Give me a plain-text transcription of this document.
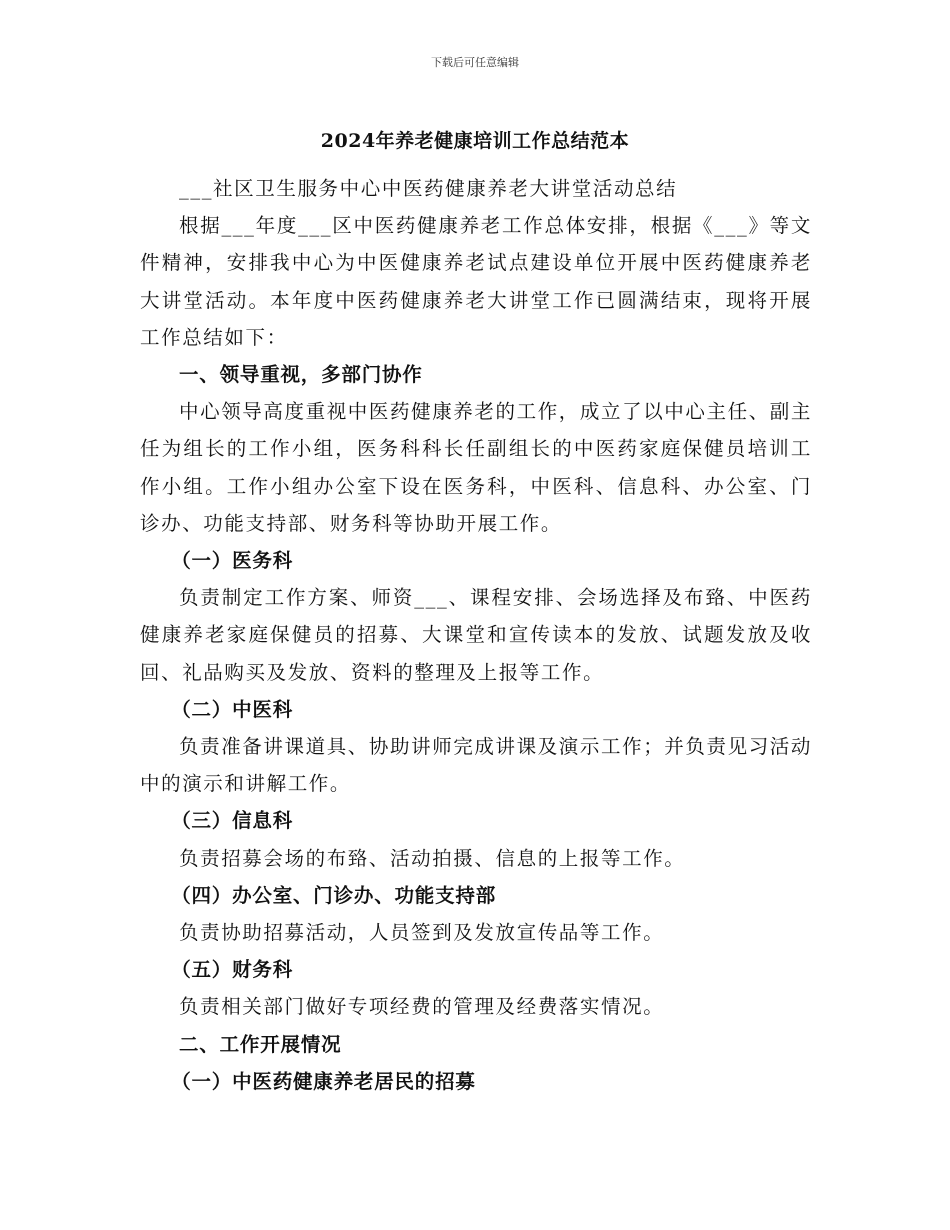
下载后可任意编辑
2024年养老健康培训工作总结范本

___社区卫生服务中心中医药健康养老大讲堂活动总结

根据___年度___区中医药健康养老工作总体安排，根据《___》等文件精神，安排我中心为中医健康养老试点建设单位开展中医药健康养老大讲堂活动。本年度中医药健康养老大讲堂工作已圆满结束，现将开展工作总结如下：

一、领导重视，多部门协作

中心领导高度重视中医药健康养老的工作，成立了以中心主任、副主任为组长的工作小组，医务科科长任副组长的中医药家庭保健员培训工作小组。工作小组办公室下设在医务科，中医科、信息科、办公室、门诊办、功能支持部、财务科等协助开展工作。

（一）医务科

负责制定工作方案、师资___、课程安排、会场选择及布臵、中医药健康养老家庭保健员的招募、大课堂和宣传读本的发放、试题发放及收回、礼品购买及发放、资料的整理及上报等工作。

（二）中医科

负责准备讲课道具、协助讲师完成讲课及演示工作；并负责见习活动中的演示和讲解工作。

（三）信息科

负责招募会场的布臵、活动拍摄、信息的上报等工作。

（四）办公室、门诊办、功能支持部

负责协助招募活动，人员签到及发放宣传品等工作。

（五）财务科

负责相关部门做好专项经费的管理及经费落实情况。

二、工作开展情况

（一）中医药健康养老居民的招募
